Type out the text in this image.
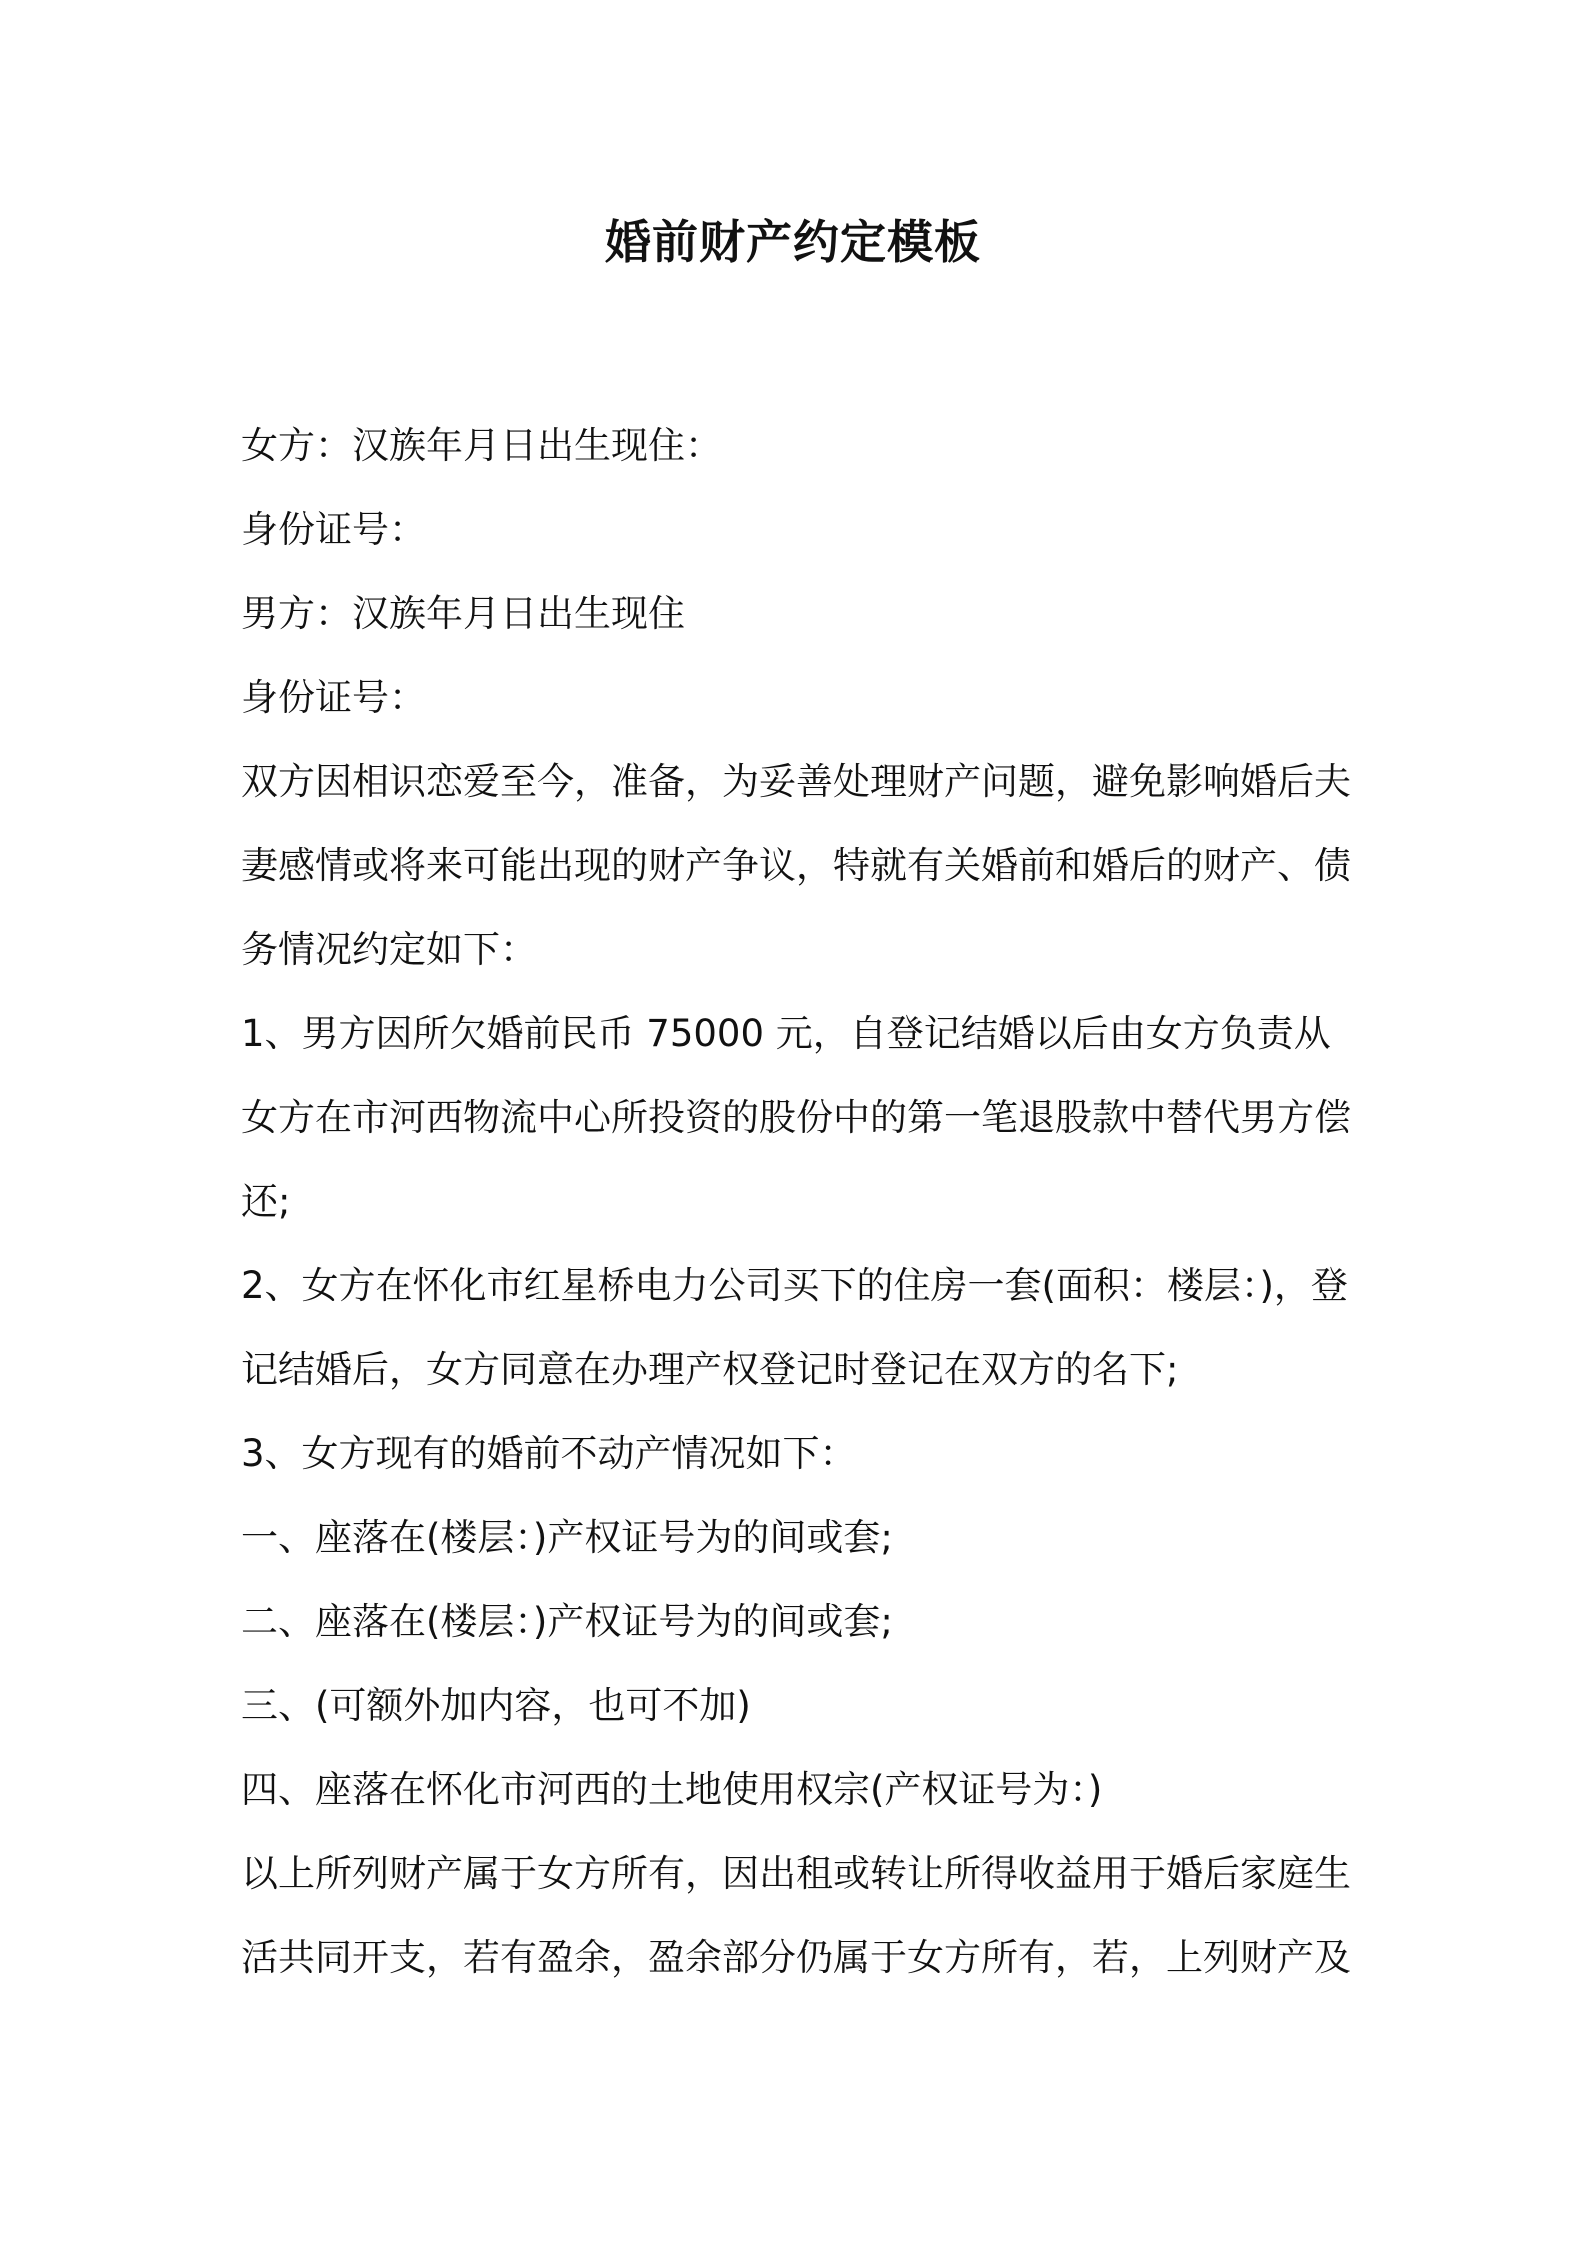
婚前财产约定模板

女方：汉族年月日出生现住：

身份证号：

男方：汉族年月日出生现住

身份证号：

双方因相识恋爱至今，准备，为妥善处理财产问题，避免影响婚后夫妻感情或将来可能出现的财产争议，特就有关婚前和婚后的财产、债务情况约定如下：

1、男方因所欠婚前民币 75000 元，自登记结婚以后由女方负责从女方在市河西物流中心所投资的股份中的第一笔退股款中替代男方偿还;

2、女方在怀化市红星桥电力公司买下的住房一套(面积：楼层：)，登记结婚后，女方同意在办理产权登记时登记在双方的名下;

3、女方现有的婚前不动产情况如下：

一、座落在(楼层：)产权证号为的间或套;

二、座落在(楼层：)产权证号为的间或套;

三、(可额外加内容，也可不加)

四、座落在怀化市河西的土地使用权宗(产权证号为：)

以上所列财产属于女方所有，因出租或转让所得收益用于婚后家庭生活共同开支，若有盈余，盈余部分仍属于女方所有，若，上列财产及
